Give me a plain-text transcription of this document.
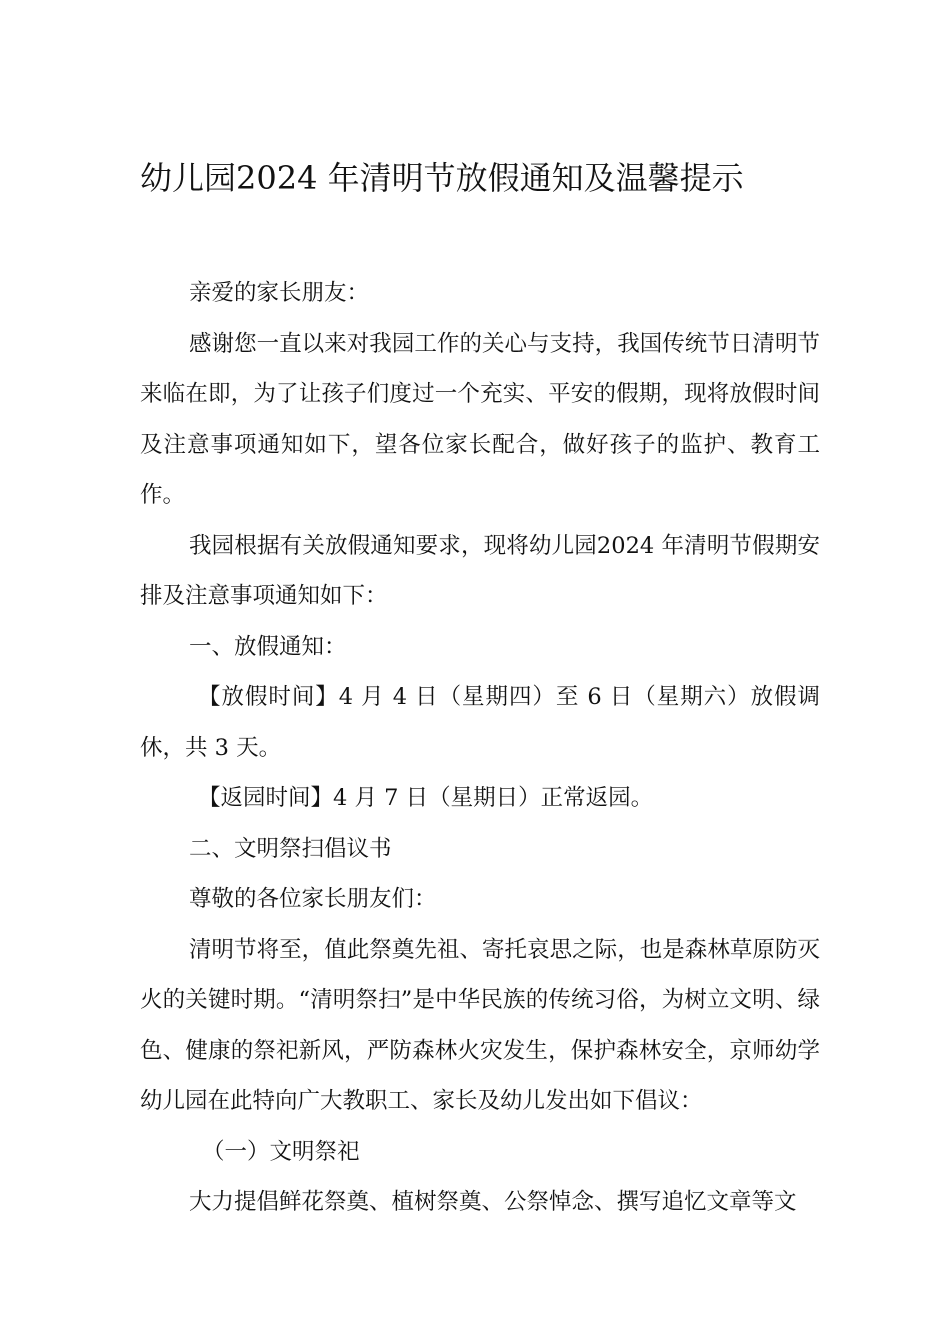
幼儿园2024 年清明节放假通知及温馨提示

亲爱的家长朋友：

感谢您一直以来对我园工作的关心与支持，我国传统节日清明节来临在即，为了让孩子们度过一个充实、平安的假期，现将放假时间及注意事项通知如下，望各位家长配合，做好孩子的监护、教育工作。

我园根据有关放假通知要求，现将幼儿园2024 年清明节假期安排及注意事项通知如下：

一、放假通知：

【放假时间】4 月 4 日（星期四）至 6 日（星期六）放假调休，共 3 天。

【返园时间】4 月 7 日（星期日）正常返园。

二、文明祭扫倡议书

尊敬的各位家长朋友们：

清明节将至，值此祭奠先祖、寄托哀思之际，也是森林草原防灭火的关键时期。“清明祭扫”是中华民族的传统习俗，为树立文明、绿色、健康的祭祀新风，严防森林火灾发生，保护森林安全，京师幼学幼儿园在此特向广大教职工、家长及幼儿发出如下倡议：

（一）文明祭祀

大力提倡鲜花祭奠、植树祭奠、公祭悼念、撰写追忆文章等文
